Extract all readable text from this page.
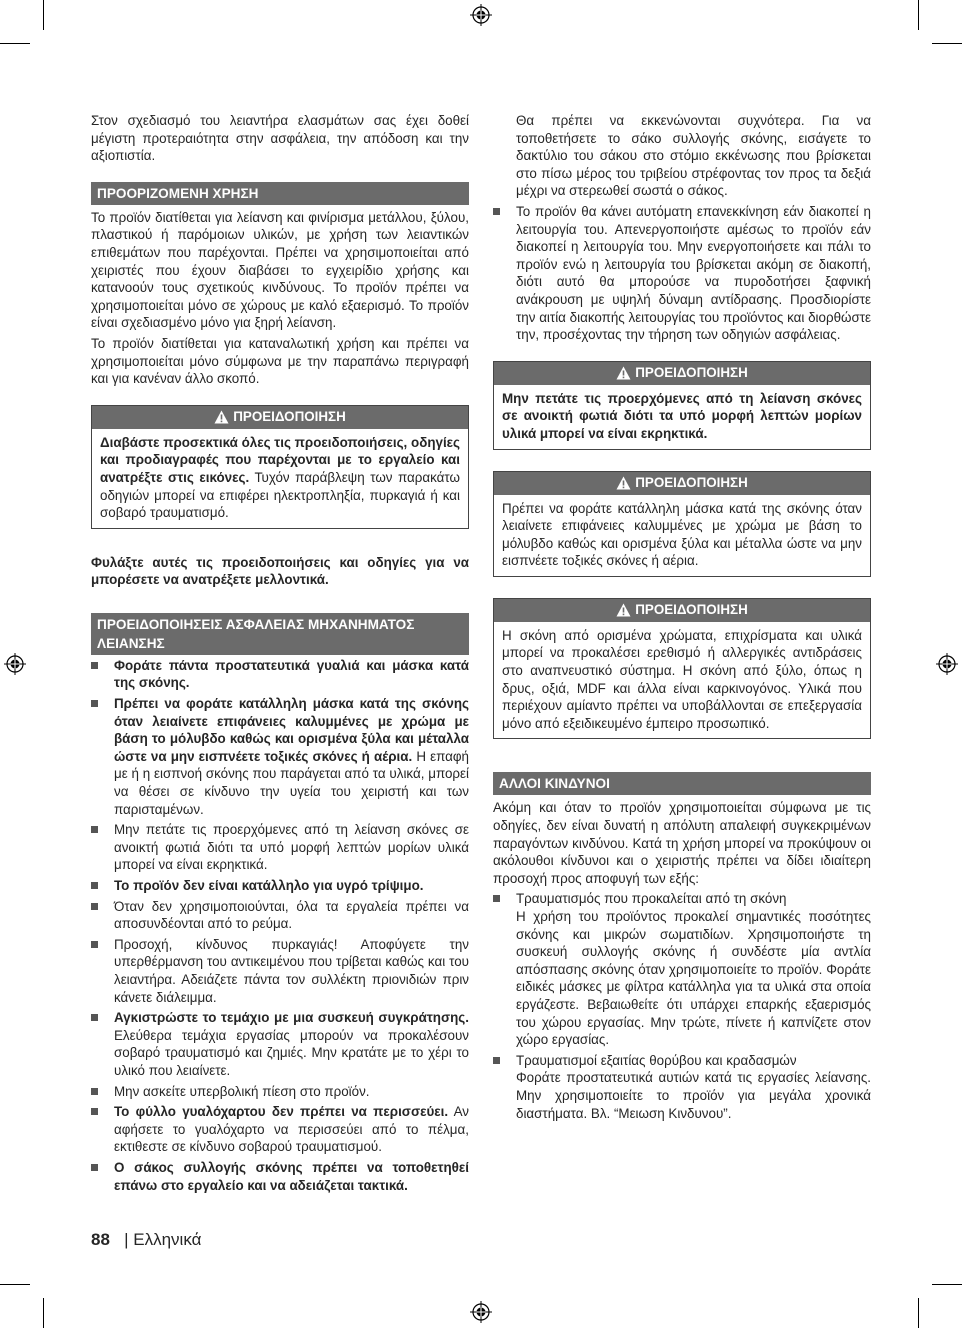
Στον σχεδιασμό του λειαντήρα ελασμάτων σας έχει δοθεί μέγιστη προτεραιότητα στην ασφάλεια, την απόδοση και την αξιοπιστία.

ΠΡΟΟΡΙΖΟΜΕΝΗ ΧΡΗΣΗ

Το προϊόν διατίθεται για λείανση και φινίρισμα μετάλλου, ξύλου, πλαστικού ή παρόμοιων υλικών, με χρήση των λειαντικών επιθεμάτων που παρέχονται. Πρέπει να χρησιμοποιείται από χειριστές που έχουν διαβάσει το εγχειρίδιο χρήσης και κατανοούν τους σχετικούς κινδύνους. Το προϊόν πρέπει να χρησιμοποιείται μόνο σε χώρους με καλό εξαερισμό. Το προϊόν είναι σχεδιασμένο μόνο για ξηρή λείανση.

Το προϊόν διατίθεται για καταναλωτική χρήση και πρέπει να χρησιμοποιείται μόνο σύμφωνα με την παραπάνω περιγραφή και για κανέναν άλλο σκοπό.

ΠΡΟΕΙΔΟΠΟΙΗΣΗ
Διαβάστε προσεκτικά όλες τις προειδοποιήσεις, οδηγίες και προδιαγραφές που παρέχονται με το εργαλείο και ανατρέξτε στις εικόνες. Τυχόν παράβλεψη των παρακάτω οδηγιών μπορεί να επιφέρει ηλεκτροπληξία, πυρκαγιά ή και σοβαρό τραυματισμό.

Φυλάξτε αυτές τις προειδοποιήσεις και οδηγίες για να μπορέσετε να ανατρέξετε μελλοντικά.

ΠΡΟΕΙΔΟΠΟΙΗΣΕΙΣ ΑΣΦΑΛΕΙΑΣ ΜΗΧΑΝΗΜΑΤΟΣ ΛΕΙΑΝΣΗΣ
Φοράτε πάντα προστατευτικά γυαλιά και μάσκα κατά της σκόνης.
Πρέπει να φοράτε κατάλληλη μάσκα κατά της σκόνης όταν λειαίνετε επιφάνειες καλυμμένες με χρώμα με βάση το μόλυβδο καθώς και ορισμένα ξύλα και μέταλλα ώστε να μην εισπνέετε τοξικές σκόνες ή αέρια. Η επαφή με ή η εισπνοή σκόνης που παράγεται από τα υλικά, μπορεί να θέσει σε κίνδυνο την υγεία του χειριστή και των παρισταμένων.
Μην πετάτε τις προερχόμενες από τη λείανση σκόνες σε ανοικτή φωτιά διότι τα υπό μορφή λεπτών μορίων υλικά μπορεί να είναι εκρηκτικά.
Το προϊόν δεν είναι κατάλληλο για υγρό τρίψιμο.
Όταν δεν χρησιμοποιούνται, όλα τα εργαλεία πρέπει να αποσυνδέονται από το ρεύμα.
Προσοχή, κίνδυνος πυρκαγιάς! Αποφύγετε την υπερθέρμανση του αντικειμένου που τρίβεται καθώς και του λειαντήρα. Αδειάζετε πάντα τον συλλέκτη πριονιδιών πριν κάνετε διάλειμμα.
Αγκιστρώστε το τεμάχιο με μια συσκευή συγκράτησης. Ελεύθερα τεμάχια εργασίας μπορούν να προκαλέσουν σοβαρό τραυματισμό και ζημιές. Μην κρατάτε με το χέρι το υλικό που λειαίνετε.
Μην ασκείτε υπερβολική πίεση στο προϊόν.
Το φύλλο γυαλόχαρτου δεν πρέπει να περισσεύει. Αν αφήσετε το γυαλόχαρτο να περισσεύει από το πέλμα, εκτιθεστε σε κίνδυνο σοβαρού τραυματισμού.
Ο σάκος συλλογής σκόνης πρέπει να τοποθετηθεί επάνω στο εργαλείο και να αδειάζεται τακτικά.

Θα πρέπει να εκκενώνονται συχνότερα. Για να τοποθετήσετε το σάκο συλλογής σκόνης, εισάγετε το δακτύλιο του σάκου στο στόμιο εκκένωσης που βρίσκεται στο πίσω μέρος του τριβείου στρέφοντας τον προς τα δεξιά μέχρι να στερεωθεί σωστά ο σάκος.

Το προϊόν θα κάνει αυτόματη επανεκκίνηση εάν διακοπεί η λειτουργία του. Απενεργοποιήστε αμέσως το προϊόν εάν διακοπεί η λειτουργία του. Μην ενεργοποιήσετε και πάλι το προϊόν ενώ η λειτουργία του βρίσκεται ακόμη σε διακοπή, διότι αυτό θα μπορούσε να πυροδοτήσει ξαφνική ανάκρουση με υψηλή δύναμη αντίδρασης. Προσδιορίστε την αιτία διακοπής λειτουργίας του προϊόντος και διορθώστε την, προσέχοντας την τήρηση των οδηγιών ασφάλειας.
ΠΡΟΕΙΔΟΠΟΙΗΣΗ
Μην πετάτε τις προερχόμενες από τη λείανση σκόνες σε ανοικτή φωτιά διότι τα υπό μορφή λεπτών μορίων υλικά μπορεί να είναι εκρηκτικά.
ΠΡΟΕΙΔΟΠΟΙΗΣΗ
Πρέπει να φοράτε κατάλληλη μάσκα κατά της σκόνης όταν λειαίνετε επιφάνειες καλυμμένες με χρώμα με βάση το μόλυβδο καθώς και ορισμένα ξύλα και μέταλλα ώστε να μην εισπνέετε τοξικές σκόνες ή αέρια.
ΠΡΟΕΙΔΟΠΟΙΗΣΗ
Η σκόνη από ορισμένα χρώματα, επιχρίσματα και υλικά μπορεί να προκαλέσει ερεθισμό ή αλλεργικές αντιδράσεις στο αναπνευστικό σύστημα. Η σκόνη από ξύλο, όπως η δρυς, οξιά, MDF και άλλα είναι καρκινογόνος. Υλικά που περιέχουν αμίαντο πρέπει να υποβάλλονται σε επεξεργασία μόνο από εξειδικευμένο έμπειρο προσωπικό.
ΑΛΛΟΙ ΚΙΝΔΥΝΟΙ

Ακόμη και όταν το προϊόν χρησιμοποιείται σύμφωνα με τις οδηγίες, δεν είναι δυνατή η απόλυτη απαλειφή συγκεκριμένων παραγόντων κινδύνου. Κατά τη χρήση μπορεί να προκύψουν οι ακόλουθοι κίνδυνοι και ο χειριστής πρέπει να δίδει ιδιαίτερη προσοχή προς αποφυγή των εξής:

Τραυματισμός που προκαλείται από τη σκόνη
Η χρήση του προϊόντος προκαλεί σημαντικές ποσότητες σκόνης και μικρών σωματιδίων. Χρησιμοποιήστε τη συσκευή συλλογής σκόνης ή συνδέστε μία αντλία απόσπασης σκόνης όταν χρησιμοποιείτε το προϊόν. Φοράτε ειδικές μάσκες με φίλτρα κατάλληλα για τα υλικά στα οποία εργάζεστε. Βεβαιωθείτε ότι υπάρχει επαρκής εξαερισμός του χώρου εργασίας. Μην τρώτε, πίνετε ή καπνίζετε στον χώρο εργασίας.
Τραυματισμοί εξαιτίας θορύβου και κραδασμών
Φοράτε προστατευτικά αυτιών κατά τις εργασίες λείανσης. Μην χρησιμοποιείτε το προϊόν για μεγάλα χρονικά διαστήματα. Βλ. “Μειωση Κινδυνου”.
88 | Ελληνικά
